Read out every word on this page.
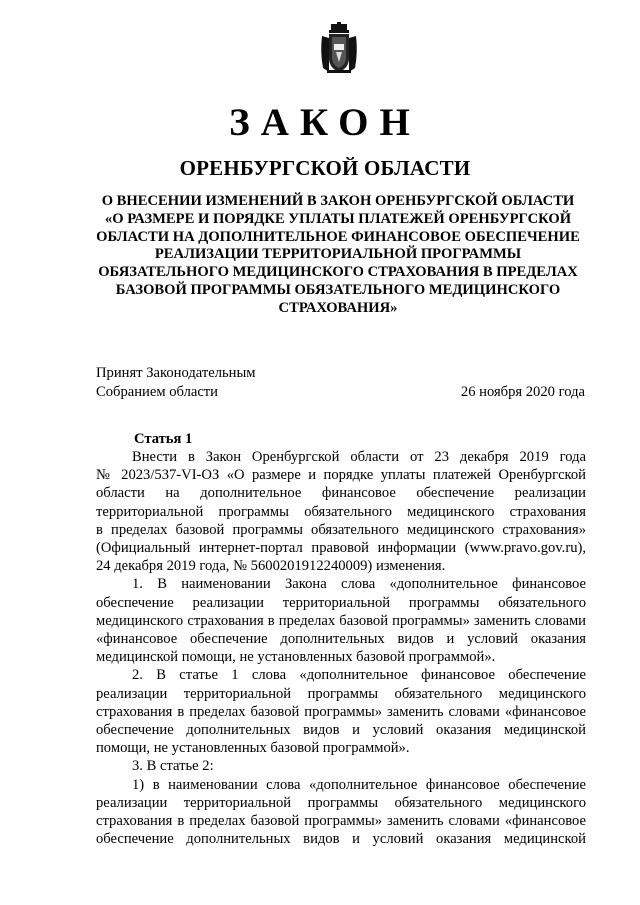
ЗАКОН
ОРЕНБУРГСКОЙ ОБЛАСТИ
О ВНЕСЕНИИ ИЗМЕНЕНИЙ В ЗАКОН ОРЕНБУРГСКОЙ ОБЛАСТИ
«О РАЗМЕРЕ И ПОРЯДКЕ УПЛАТЫ ПЛАТЕЖЕЙ ОРЕНБУРГСКОЙ
ОБЛАСТИ НА ДОПОЛНИТЕЛЬНОЕ ФИНАНСОВОЕ ОБЕСПЕЧЕНИЕ
РЕАЛИЗАЦИИ ТЕРРИТОРИАЛЬНОЙ ПРОГРАММЫ
ОБЯЗАТЕЛЬНОГО МЕДИЦИНСКОГО СТРАХОВАНИЯ В ПРЕДЕЛАХ
БАЗОВОЙ ПРОГРАММЫ ОБЯЗАТЕЛЬНОГО МЕДИЦИНСКОГО
СТРАХОВАНИЯ»
Принят Законодательным
Собранием области	26 ноября 2020 года
Статья 1
Внести в Закон Оренбургской области от 23 декабря 2019 года
№ 2023/537-VI-ОЗ «О размере и порядке уплаты платежей Оренбургской
области на дополнительное финансовое обеспечение реализации
территориальной программы обязательного медицинского страхования
в пределах базовой программы обязательного медицинского страхования»
(Официальный интернет-портал правовой информации (www.pravo.gov.ru),
24 декабря 2019 года, № 5600201912240009) изменения.
1. В наименовании Закона слова «дополнительное финансовое
обеспечение реализации территориальной программы обязательного
медицинского страхования в пределах базовой программы» заменить словами
«финансовое обеспечение дополнительных видов и условий оказания
медицинской помощи, не установленных базовой программой».
2. В статье 1 слова «дополнительное финансовое обеспечение
реализации территориальной программы обязательного медицинского
страхования в пределах базовой программы» заменить словами «финансовое
обеспечение дополнительных видов и условий оказания медицинской
помощи, не установленных базовой программой».
3. В статье 2:
1) в наименовании слова «дополнительное финансовое обеспечение
реализации территориальной программы обязательного медицинского
страхования в пределах базовой программы» заменить словами «финансовое
обеспечение дополнительных видов и условий оказания медицинской
